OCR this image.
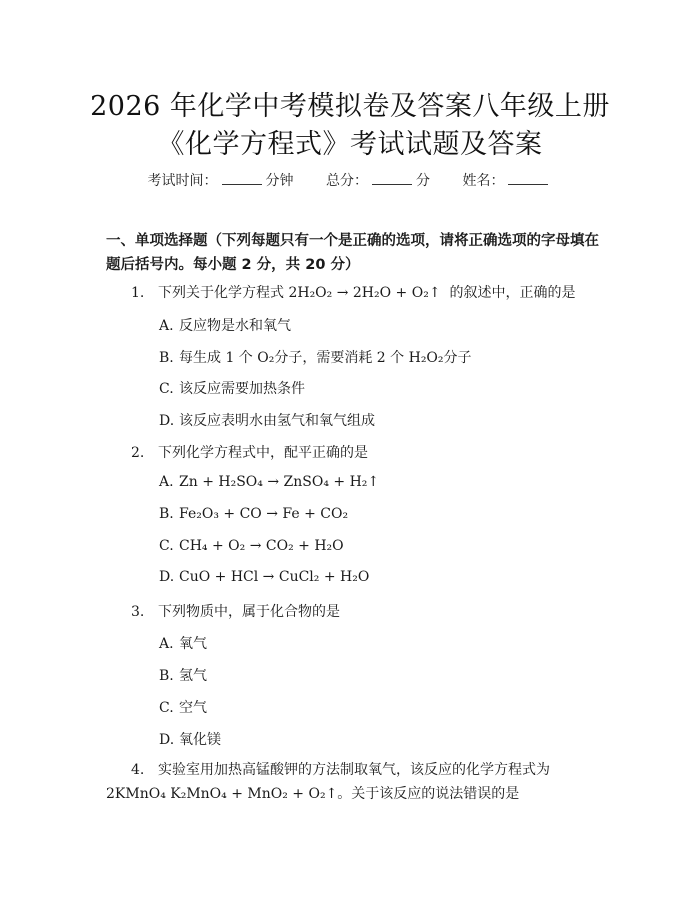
2026 年化学中考模拟卷及答案八年级上册
《化学方程式》考试试题及答案
考试时间：	分钟 总分：	分 姓名：
一、单项选择题（下列每题只有一个是正确的选项，请将正确选项的字母填在题后括号内。每小题 2 分，共 20 分）
1. 下列关于化学方程式 2H₂O₂ → 2H₂O + O₂↑ 的叙述中，正确的是
A. 反应物是水和氧气
B. 每生成 1 个 O₂分子，需要消耗 2 个 H₂O₂分子
C. 该反应需要加热条件
D. 该反应表明水由氢气和氧气组成
2. 下列化学方程式中，配平正确的是
A. Zn + H₂SO₄ → ZnSO₄ + H₂↑
B. Fe₂O₃ + CO → Fe + CO₂
C. CH₄ + O₂ → CO₂ + H₂O
D. CuO + HCl → CuCl₂ + H₂O
3. 下列物质中，属于化合物的是
A. 氧气
B. 氢气
C. 空气
D. 氧化镁
4. 实验室用加热高锰酸钾的方法制取氧气，该反应的化学方程式为 2KMnO₄ K₂MnO₄ + MnO₂ + O₂↑。关于该反应的说法错误的是
